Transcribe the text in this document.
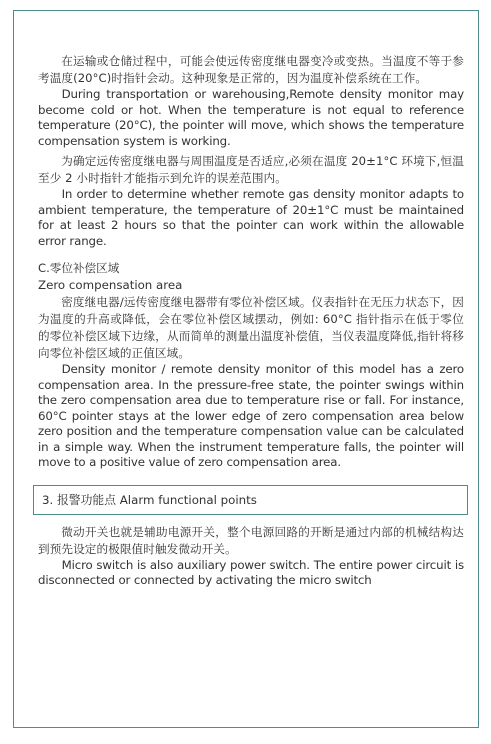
在运输或仓储过程中，可能会使远传密度继电器变冷或变热。当温度不等于参考温度(20°C)时指针会动。这种现象是正常的，因为温度补偿系统在工作。

During transportation or warehousing,Remote density monitor may become cold or hot. When the temperature is not equal to reference temperature (20°C), the pointer will move, which shows the temperature compensation system is working.

为确定远传密度继电器与周围温度是否适应,必须在温度 20±1°C 环境下,恒温至少 2 小时指针才能指示到允许的误差范围内。

In order to determine whether remote gas density monitor adapts to ambient temperature, the temperature of 20±1°C must be maintained for at least 2 hours so that the pointer can work within the allowable error range.

C.零位补偿区域

Zero compensation area

密度继电器/远传密度继电器带有零位补偿区域。仪表指针在无压力状态下，因为温度的升高或降低，会在零位补偿区域摆动，例如: 60°C 指针指示在低于零位的零位补偿区域下边缘，从而简单的测量出温度补偿值，当仪表温度降低,指针将移向零位补偿区域的正值区域。

Density monitor / remote density monitor of this model has a zero compensation area. In the pressure-free state, the pointer swings within the zero compensation area due to temperature rise or fall. For instance, 60°C pointer stays at the lower edge of zero compensation area below zero position and the temperature compensation value can be calculated in a simple way. When the instrument temperature falls, the pointer will move to a positive value of zero compensation area.

3. 报警功能点 Alarm functional points

微动开关也就是辅助电源开关，整个电源回路的开断是通过内部的机械结构达到预先设定的极限值时触发微动开关。

Micro switch is also auxiliary power switch. The entire power circuit is disconnected or connected by activating the micro switch
